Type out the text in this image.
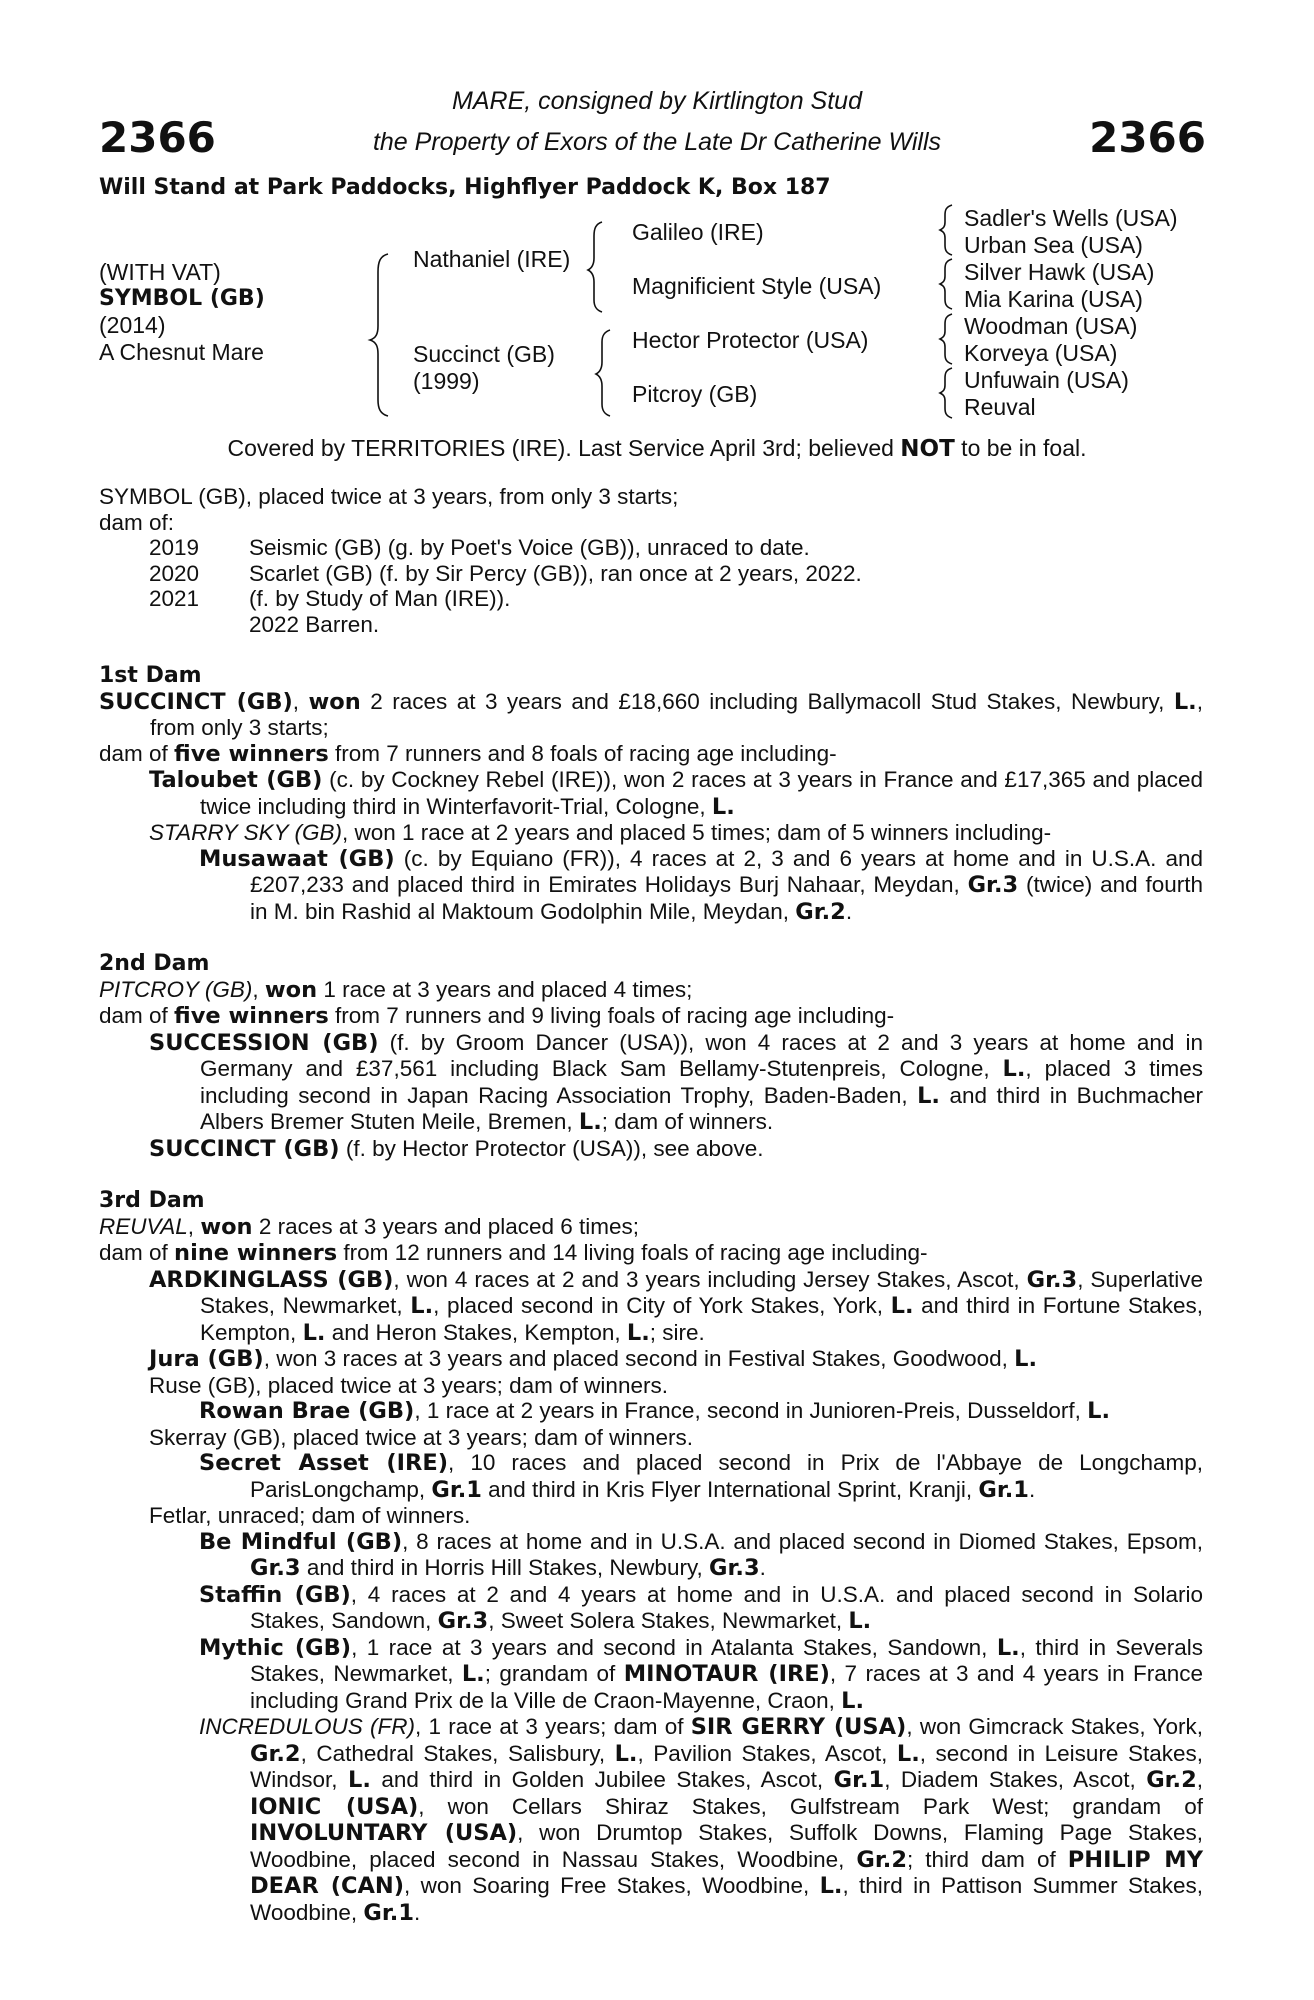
2366	2366
MARE, consigned by Kirtlington Stud
the Property of Exors of the Late Dr Catherine Wills
Will Stand at Park Paddocks, Highflyer Paddock K, Box 187
(WITH VAT)
SYMBOL (GB)
(2014)
A Chesnut Mare
Nathaniel (IRE)
Succinct (GB)
(1999)
Galileo (IRE)
Magnificient Style (USA)
Hector Protector (USA)
Pitcroy (GB)
Sadler's Wells (USA)
Urban Sea (USA)
Silver Hawk (USA)
Mia Karina (USA)
Woodman (USA)
Korveya (USA)
Unfuwain (USA)
Reuval
Covered by TERRITORIES (IRE). Last Service April 3rd; believed NOT to be in foal.

SYMBOL (GB), placed twice at 3 years, from only 3 starts;

dam of:

2019 Seismic (GB) (g. by Poet's Voice (GB)), unraced to date.

2020 Scarlet (GB) (f. by Sir Percy (GB)), ran once at 2 years, 2022.

2021 (f. by Study of Man (IRE)).

2022 Barren.

1st Dam

SUCCINCT (GB), won 2 races at 3 years and £18,660 including Ballymacoll Stud Stakes, Newbury, L., from only 3 starts;

dam of five winners from 7 runners and 8 foals of racing age including-

Taloubet (GB) (c. by Cockney Rebel (IRE)), won 2 races at 3 years in France and £17,365 and placed twice including third in Winterfavorit-Trial, Cologne, L.

STARRY SKY (GB), won 1 race at 2 years and placed 5 times; dam of 5 winners including-

Musawaat (GB) (c. by Equiano (FR)), 4 races at 2, 3 and 6 years at home and in U.S.A. and £207,233 and placed third in Emirates Holidays Burj Nahaar, Meydan, Gr.3 (twice) and fourth in M. bin Rashid al Maktoum Godolphin Mile, Meydan, Gr.2.

2nd Dam

PITCROY (GB), won 1 race at 3 years and placed 4 times;

dam of five winners from 7 runners and 9 living foals of racing age including-

SUCCESSION (GB) (f. by Groom Dancer (USA)), won 4 races at 2 and 3 years at home and in Germany and £37,561 including Black Sam Bellamy-Stutenpreis, Cologne, L., placed 3 times including second in Japan Racing Association Trophy, Baden-Baden, L. and third in Buchmacher Albers Bremer Stuten Meile, Bremen, L.; dam of winners.

SUCCINCT (GB) (f. by Hector Protector (USA)), see above.

3rd Dam

REUVAL, won 2 races at 3 years and placed 6 times;

dam of nine winners from 12 runners and 14 living foals of racing age including-

ARDKINGLASS (GB), won 4 races at 2 and 3 years including Jersey Stakes, Ascot, Gr.3, Superlative Stakes, Newmarket, L., placed second in City of York Stakes, York, L. and third in Fortune Stakes, Kempton, L. and Heron Stakes, Kempton, L.; sire.

Jura (GB), won 3 races at 3 years and placed second in Festival Stakes, Goodwood, L.

Ruse (GB), placed twice at 3 years; dam of winners.

Rowan Brae (GB), 1 race at 2 years in France, second in Junioren-Preis, Dusseldorf, L.

Skerray (GB), placed twice at 3 years; dam of winners.

Secret Asset (IRE), 10 races and placed second in Prix de l'Abbaye de Longchamp, ParisLongchamp, Gr.1 and third in Kris Flyer International Sprint, Kranji, Gr.1.

Fetlar, unraced; dam of winners.

Be Mindful (GB), 8 races at home and in U.S.A. and placed second in Diomed Stakes, Epsom, Gr.3 and third in Horris Hill Stakes, Newbury, Gr.3.

Staffin (GB), 4 races at 2 and 4 years at home and in U.S.A. and placed second in Solario Stakes, Sandown, Gr.3, Sweet Solera Stakes, Newmarket, L.

Mythic (GB), 1 race at 3 years and second in Atalanta Stakes, Sandown, L., third in Severals Stakes, Newmarket, L.; grandam of MINOTAUR (IRE), 7 races at 3 and 4 years in France including Grand Prix de la Ville de Craon-Mayenne, Craon, L.

INCREDULOUS (FR), 1 race at 3 years; dam of SIR GERRY (USA), won Gimcrack Stakes, York, Gr.2, Cathedral Stakes, Salisbury, L., Pavilion Stakes, Ascot, L., second in Leisure Stakes, Windsor, L. and third in Golden Jubilee Stakes, Ascot, Gr.1, Diadem Stakes, Ascot, Gr.2, IONIC (USA), won Cellars Shiraz Stakes, Gulfstream Park West; grandam of INVOLUNTARY (USA), won Drumtop Stakes, Suffolk Downs, Flaming Page Stakes, Woodbine, placed second in Nassau Stakes, Woodbine, Gr.2; third dam of PHILIP MY DEAR (CAN), won Soaring Free Stakes, Woodbine, L., third in Pattison Summer Stakes, Woodbine, Gr.1.
